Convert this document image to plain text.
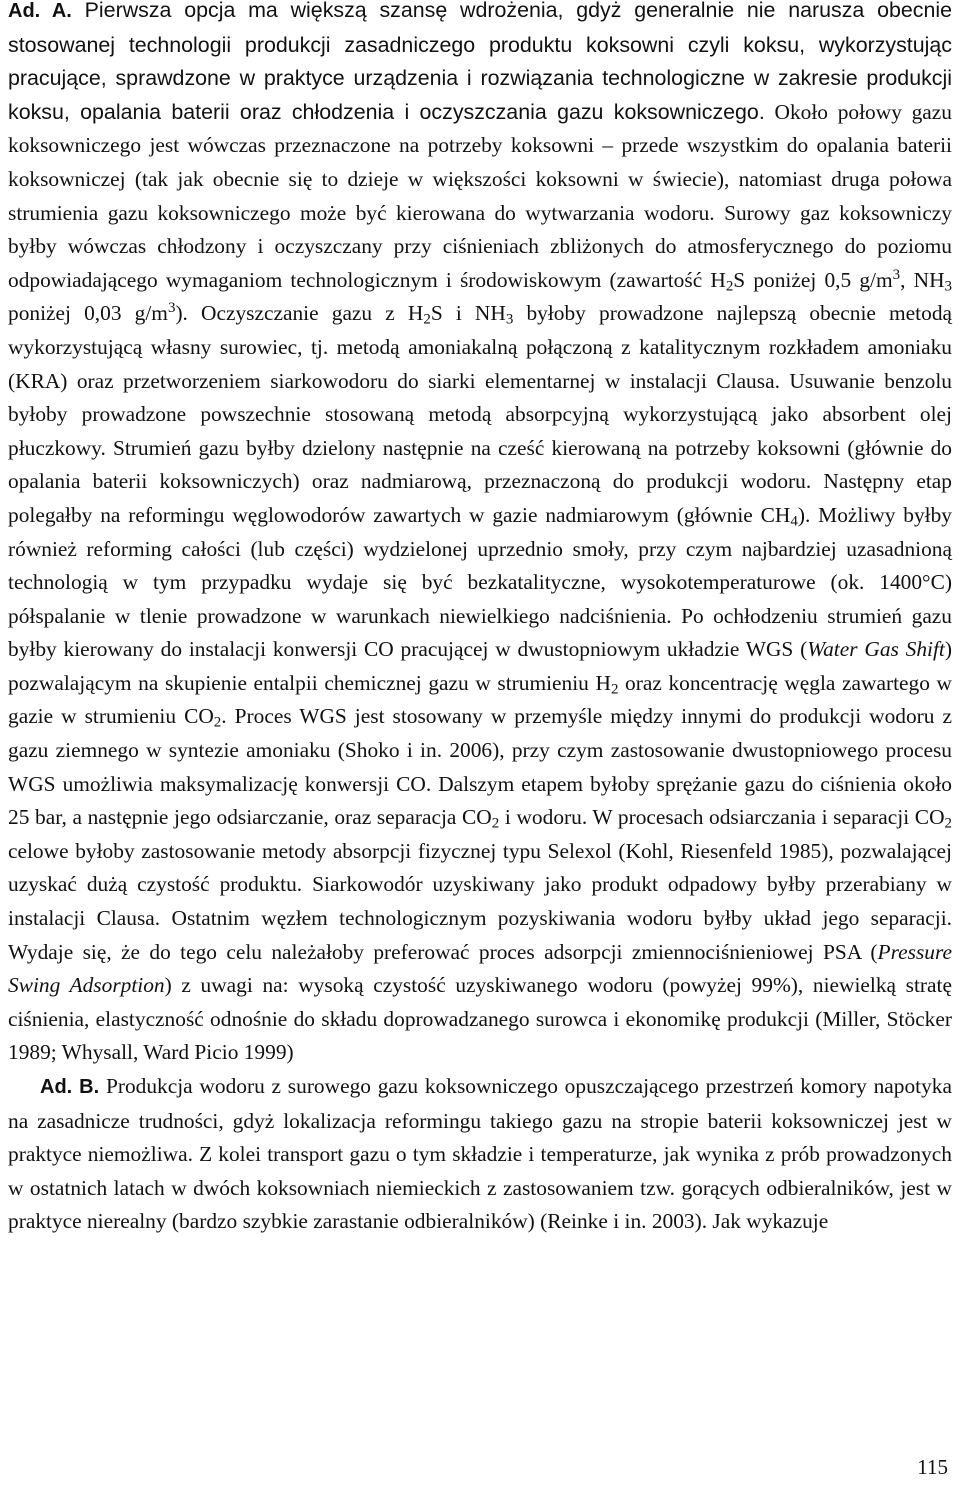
Ad. A. Pierwsza opcja ma większą szansę wdrożenia, gdyż generalnie nie narusza obecnie stosowanej technologii produkcji zasadniczego produktu koksowni czyli koksu, wykorzystując pracujące, sprawdzone w praktyce urządzenia i rozwiązania technologiczne w zakresie produkcji koksu, opalania baterii oraz chłodzenia i oczyszczania gazu koksowniczego. Około połowy gazu koksowniczego jest wówczas przeznaczone na potrzeby koksowni – przede wszystkim do opalania baterii koksowniczej (tak jak obecnie się to dzieje w większości koksowni w świecie), natomiast druga połowa strumienia gazu koksowniczego może być kierowana do wytwarzania wodoru. Surowy gaz koksowniczy byłby wówczas chłodzony i oczyszczany przy ciśnieniach zbliżonych do atmosferycznego do poziomu odpowiadającego wymaganiom technologicznym i środowiskowym (zawartość $H_2S$ poniżej 0,5 $g/m^3$, $NH_3$ poniżej 0,03 $g/m^3$). Oczyszczanie gazu z $H_2S$ i $NH_3$ byłoby prowadzone najlepszą obecnie metodą wykorzystującą własny surowiec, tj. metodą amoniakalną połączoną z katalitycznym rozkładem amoniaku (KRA) oraz przetworzeniem siarkowodoru do siarki elementarnej w instalacji Clausa. Usuwanie benzolu byłoby prowadzone powszechnie stosowaną metodą absorpcyjną wykorzystującą jako absorbent olej płuczkowy. Strumień gazu byłby dzielony następnie na cześć kierowaną na potrzeby koksowni (głównie do opalania baterii koksowniczych) oraz nadmiarową, przeznaczoną do produkcji wodoru. Następny etap polegałby na reformingu węglowodorów zawartych w gazie nadmiarowym (głównie $CH_4$). Możliwy byłby również reforming całości (lub części) wydzielonej uprzednio smoły, przy czym najbardziej uzasadnioną technologią w tym przypadku wydaje się być bezkatalityczne, wysokotemperaturowe (ok. 1400°C) półspalanie w tlenie prowadzone w warunkach niewielkiego nadciśnienia. Po ochłodzeniu strumień gazu byłby kierowany do instalacji konwersji CO pracującej w dwustopniowym układzie WGS (Water Gas Shift) pozwalającym na skupienie entalpii chemicznej gazu w strumieniu $H_2$ oraz koncentrację węgla zawartego w gazie w strumieniu $CO_2$. Proces WGS jest stosowany w przemyśle między innymi do produkcji wodoru z gazu ziemnego w syntezie amoniaku (Shoko i in. 2006), przy czym zastosowanie dwustopniowego procesu WGS umożliwia maksymalizację konwersji CO. Dalszym etapem byłoby sprężanie gazu do ciśnienia około 25 bar, a następnie jego odsiarczanie, oraz separacja $CO_2$ i wodoru. W procesach odsiarczania i separacji $CO_2$ celowe byłoby zastosowanie metody absorpcji fizycznej typu Selexol (Kohl, Riesenfeld 1985), pozwalającej uzyskać dużą czystość produktu. Siarkowodór uzyskiwany jako produkt odpadowy byłby przerabiany w instalacji Clausa. Ostatnim węzłem technologicznym pozyskiwania wodoru byłby układ jego separacji. Wydaje się, że do tego celu należałoby preferować proces adsorpcji zmiennociśnieniowej PSA (Pressure Swing Adsorption) z uwagi na: wysoką czystość uzyskiwanego wodoru (powyżej 99%), niewielką stratę ciśnienia, elastyczność odnośnie do składu doprowadzanego surowca i ekonomikę produkcji (Miller, Stöcker 1989; Whysall, Ward Picio 1999)

Ad. B. Produkcja wodoru z surowego gazu koksowniczego opuszczającego przestrzeń komory napotyka na zasadnicze trudności, gdyż lokalizacja reformingu takiego gazu na stropie baterii koksowniczej jest w praktyce niemożliwa. Z kolei transport gazu o tym składzie i temperaturze, jak wynika z prób prowadzonych w ostatnich latach w dwóch koksowniach niemieckich z zastosowaniem tzw. gorących odbieralników, jest w praktyce nierealny (bardzo szybkie zarastanie odbieralników) (Reinke i in. 2003). Jak wykazuje

115
